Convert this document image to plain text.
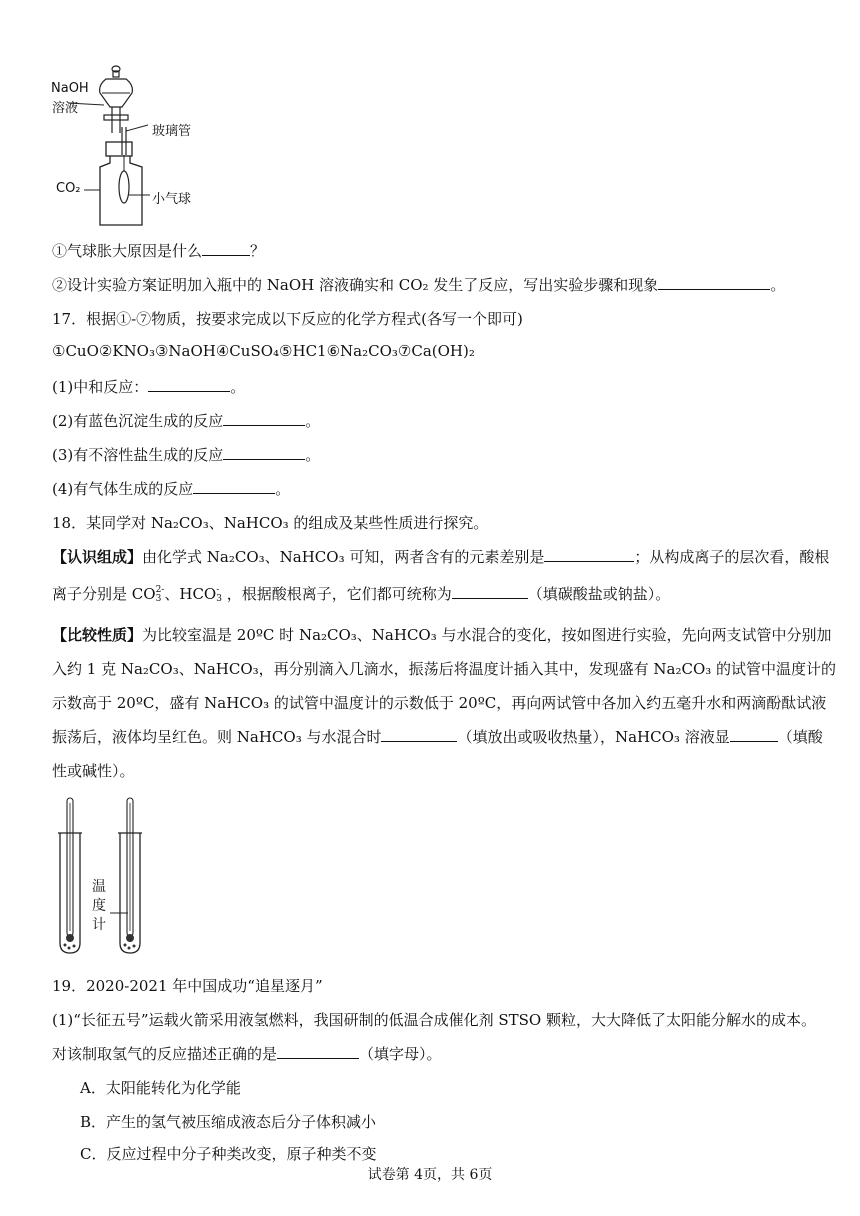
NaOH
溶液
玻璃管
CO₂
小气球
①气球胀大原因是什么	？
②设计实验方案证明加入瓶中的 NaOH 溶液确实和 CO₂ 发生了反应，写出实验步骤和现象	。
17．根据①-⑦物质，按要求完成以下反应的化学方程式(各写一个即可)
①CuO②KNO₃③NaOH④CuSO₄⑤HC1⑥Na₂CO₃⑦Ca(OH)₂
(1)中和反应：	。
(2)有蓝色沉淀生成的反应	。
(3)有不溶性盐生成的反应	。
(4)有气体生成的反应	。
18．某同学对 Na₂CO₃、NaHCO₃ 的组成及某些性质进行探究。
【认识组成】由化学式 Na₂CO₃、NaHCO₃ 可知，两者含有的元素差别是	；从构成离子的层次看，酸根
离子分别是 CO 2-
3 、HCO -
3 ，根据酸根离子，它们都可统称为	（填碳酸盐或钠盐）。
【比较性质】为比较室温是 20ºC 时 Na₂CO₃、NaHCO₃ 与水混合的变化，按如图进行实验，先向两支试管中分别加
入约 1 克 Na₂CO₃、NaHCO₃，再分别滴入几滴水，振荡后将温度计插入其中，发现盛有 Na₂CO₃ 的试管中温度计的
示数高于 20ºC，盛有 NaHCO₃ 的试管中温度计的示数低于 20ºC，再向两试管中各加入约五毫升水和两滴酚酞试液
振荡后，液体均呈红色。则 NaHCO₃ 与水混合时	（填放出或吸收热量），NaHCO₃ 溶液显	（填酸
性或碱性）。
温度计
19．2020-2021 年中国成功“追星逐月”
(1)“长征五号”运载火箭采用液氢燃料，我国研制的低温合成催化剂 STSO 颗粒，大大降低了太阳能分解水的成本。
对该制取氢气的反应描述正确的是	（填字母）。
A．太阳能转化为化学能
B．产生的氢气被压缩成液态后分子体积减小
C．反应过程中分子种类改变，原子种类不变
试卷第 4页，共 6页
